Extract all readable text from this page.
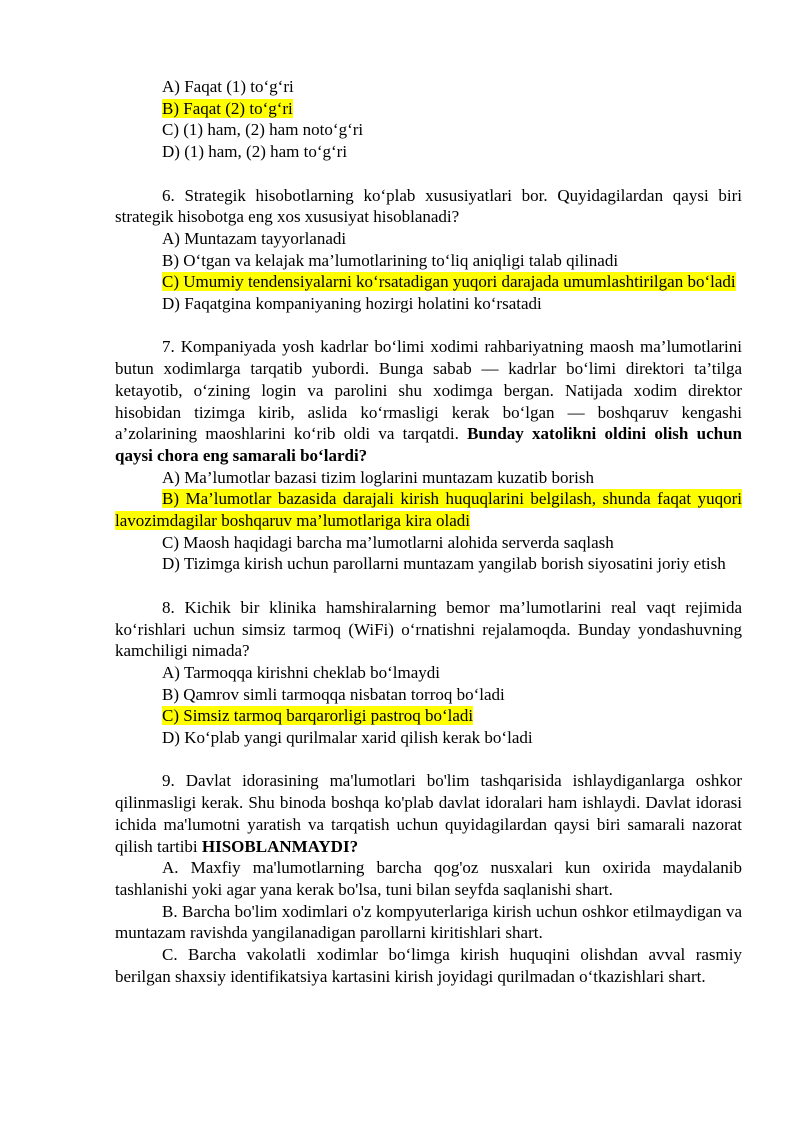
A) Faqat (1) to‘g‘ri

B) Faqat (2) to‘g‘ri

C) (1) ham, (2) ham noto‘g‘ri

D) (1) ham, (2) ham to‘g‘ri

6. Strategik hisobotlarning ko‘plab xususiyatlari bor. Quyidagilardan qaysi biri strategik hisobotga eng xos xususiyat hisoblanadi?

A) Muntazam tayyorlanadi

B) O‘tgan va kelajak ma’lumotlarining to‘liq aniqligi talab qilinadi

C) Umumiy tendensiyalarni ko‘rsatadigan yuqori darajada umumlashtirilgan bo‘ladi

D) Faqatgina kompaniyaning hozirgi holatini ko‘rsatadi

7. Kompaniyada yosh kadrlar bo‘limi xodimi rahbariyatning maosh ma’lumotlarini butun xodimlarga tarqatib yubordi. Bunga sabab — kadrlar bo‘limi direktori ta’tilga ketayotib, o‘zining login va parolini shu xodimga bergan. Natijada xodim direktor hisobidan tizimga kirib, aslida ko‘rmasligi kerak bo‘lgan — boshqaruv kengashi a’zolarining maoshlarini ko‘rib oldi va tarqatdi. Bunday xatolikni oldini olish uchun qaysi chora eng samarali bo‘lardi?

A) Ma’lumotlar bazasi tizim loglarini muntazam kuzatib borish

B) Ma’lumotlar bazasida darajali kirish huquqlarini belgilash, shunda faqat yuqori lavozimdagilar boshqaruv ma’lumotlariga kira oladi

C) Maosh haqidagi barcha ma’lumotlarni alohida serverda saqlash

D) Tizimga kirish uchun parollarni muntazam yangilab borish siyosatini joriy etish

8. Kichik bir klinika hamshiralarning bemor ma’lumotlarini real vaqt rejimida ko‘rishlari uchun simsiz tarmoq (WiFi) o‘rnatishni rejalamoqda. Bunday yondashuvning kamchiligi nimada?

A) Tarmoqqa kirishni cheklab bo‘lmaydi

B) Qamrov simli tarmoqqa nisbatan torroq bo‘ladi

C) Simsiz tarmoq barqarorligi pastroq bo‘ladi

D) Ko‘plab yangi qurilmalar xarid qilish kerak bo‘ladi

9. Davlat idorasining ma'lumotlari bo'lim tashqarisida ishlaydiganlarga oshkor qilinmasligi kerak. Shu binoda boshqa ko'plab davlat idoralari ham ishlaydi. Davlat idorasi ichida ma'lumotni yaratish va tarqatish uchun quyidagilardan qaysi biri samarali nazorat qilish tartibi HISOBLANMAYDI?

A. Maxfiy ma'lumotlarning barcha qog'oz nusxalari kun oxirida maydalanib tashlanishi yoki agar yana kerak bo'lsa, tuni bilan seyfda saqlanishi shart.

B. Barcha bo'lim xodimlari o'z kompyuterlariga kirish uchun oshkor etilmaydigan va muntazam ravishda yangilanadigan parollarni kiritishlari shart.

C. Barcha vakolatli xodimlar bo‘limga kirish huquqini olishdan avval rasmiy berilgan shaxsiy identifikatsiya kartasini kirish joyidagi qurilmadan o‘tkazishlari shart.
